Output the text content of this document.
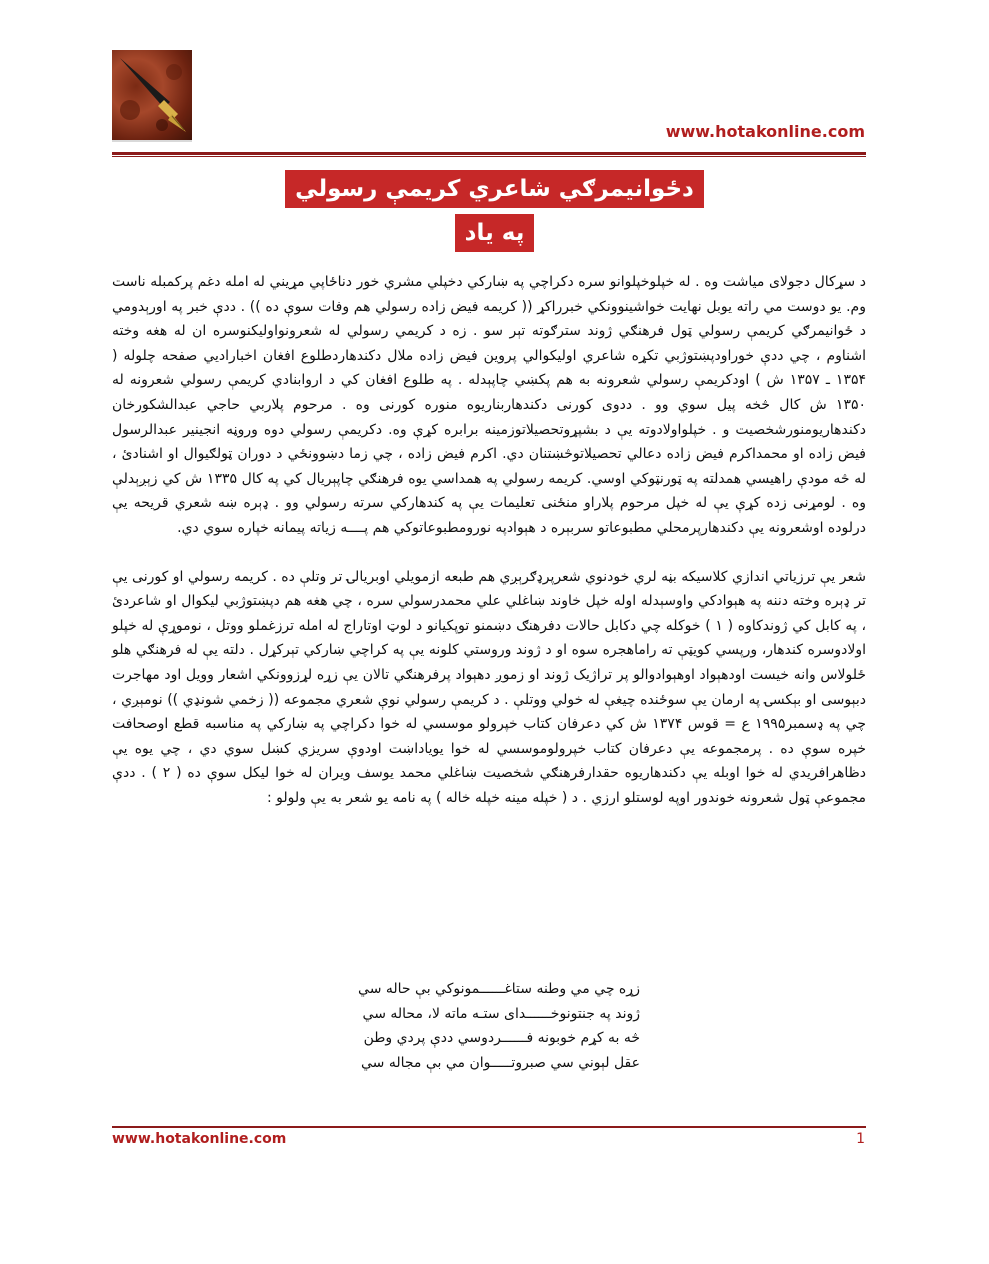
www.hotakonline.com
دځوانيمرګي شاعري کريمې رسولي
په ياد

د سړکال دجولای میاشت وه . له خپلوخپلوانو سره دکراچي په ښارکي دخپلي مشري خور دناځاپي مړيني له امله دغم پرکمبله ناست وم. يو دوست مي راته يوبل نهايت خواشينوونکي خبرراکړ (( کريمه فيض زاده رسولي هم وفات سوې ده )) . ددې خبر په اورېدومي د ځوانيمرګي کريمې رسولي ټول فرهنګي ژوند سترګوته تېر سو . زه د کريمي رسولي له شعرونواوليکنوسره ان له هغه وخته اشناوم ، چي ددې خوراودپښتوژبي تکړه شاعري اوليکوالي پروين فيض زاده ملال دکندهاردطلوع افغان اخباراديي صفحه چلوله ( ۱۳۵۴ ـ ۱۳۵۷ ش ) اودکريمې رسولي شعرونه به هم پکښي چاپېدله . په طلوع افغان کي د اروابنادي کريمې رسولي شعرونه له ۱۳۵۰ ش کال څخه پيل سوي وو . ددوی کورنی دکندهاربناريوه منوره کورنی وه . مرحوم پلاربي حاجي عبدالشکورخان دکندهاريومنورشخصيت و . خپلواولادوته يې د بشپړوتحصيلاتوزمينه برابره کړې وه. دکريمې رسولي دوه وروڼه انجينير عبدالرسول فيض زاده او محمداکرم فيض زاده دعالي تحصيلاتوڅښتنان دي. اکرم فيض زاده ، چي زما دښوونځي د دوران ټولګيوال او اشنادئ ، له څه مودې راهيسي همدلته په ټورنټوکي اوسي. کريمه رسولي په همداسي يوه فرهنګي چاپېريال کي په کال ۱۳۳۵ ش کي زېږېدلې وه . لومړنی زده کړې يې له خپل مرحوم پلاراو منځنی تعليمات يې په کندهارکي سرته رسولي وو . ډېره ښه شعري قريحه يې درلوده اوشعرونه يې دکندهارپرمحلي مطبوعاتو سربېره د هېوادپه نورومطبوعاتوکي هم پــــه زياته پيمانه خپاره سوي دي.

شعر يې ترزياتي اندازي کلاسيکه بڼه لري خودنوي شعرپرډګرېږي هم طبعه ازمويلي اوبريالۍ تر وتلې ده . کريمه رسولي او کورنی يې تر ډېره وخته دننه په هېوادکي واوسېدله اوله خپل خاوند ښاغلي علي محمدرسولي سره ، چي هغه هم دپښتوژبي ليکوال او شاعردئ ، په کابل کي ژوندکاوه ( ۱ ) خوکله چي دکابل حالات دفرهنګ دښمنو توپکيانو د لوټ اوتاراج له امله ترزغملو ووتل ، نوموړې له خپلو اولادوسره کندهار، ورپسي کويټې ته راماهجره سوه او د ژوند وروستي کلونه يې په کراچي ښارکي تېرکړل . دلته يې له فرهنګي هلو ځلولاس وانه خيست اودهېواد اوهېوادوالو پر تراژيک ژوند او زموږ دهېواد پرفرهنګي تالان يې زړه لړزوونکي اشعار وويل اود مهاجرت دبېوسی او بېکسۍ په ارمان يې سوځنده چيغې له خولي ووتلې . د کريمې رسولي نوې شعري مجموعه (( زخمي شونډي )) نومېږي ، چي په ډسمبر۱۹۹۵ ع = قوس ۱۳۷۴ ش کي دعرفان کتاب خپرولو موسسي له خوا دکراچي په ښارکي په مناسبه قطع اوصحافت خپره سوې ده . پرمجموعه يې دعرفان کتاب خپرولوموسسي له خوا يوياداښت اودوې سريزي کښل سوي دي ، چي يوه يې دظاهرافريدي له خوا اوبله يې دکندهاريوه حقدارفرهنګي شخصيت ښاغلي محمد يوسف ويران له خوا ليکل سوې ده ( ۲ ) . ددې مجموعې ټول شعرونه خوندور اوپه لوستلو ارزي . د ( خپله مينه خپله خاله ) په نامه يو شعر به يې ولولو :

زړه چي مي وطنه ستاغــــــمونوکي بې حاله سي
ژوند په جنتونوخــــــداى ستـه ماته لا، محاله سي
څه به کړم خوبونه فــــــردوسي ددې پردي وطن
عقل لېوني سي صبروتـــــوان مي بې مجاله سي
www.hotakonline.com	1
